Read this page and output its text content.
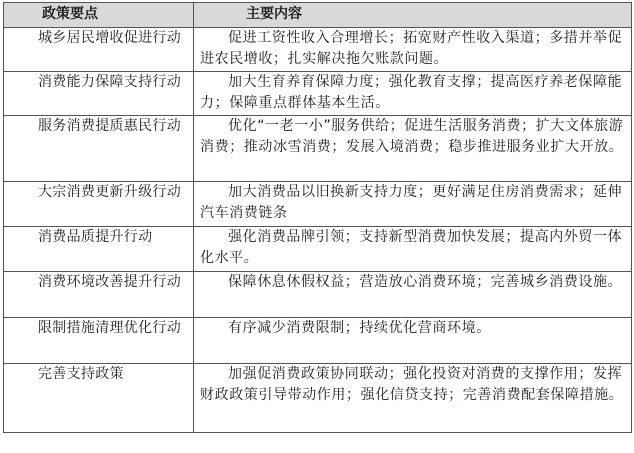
政策要点	主要内容
城乡居民增收促进行动	促进工资性收入合理增长；拓宽财产性收入渠道；多措并举促进农民增收；扎实解决拖欠账款问题。
消费能力保障支持行动	加大生育养育保障力度；强化教育支撑；提高医疗养老保障能力；保障重点群体基本生活。
服务消费提质惠民行动	优化“一老一小”服务供给；促进生活服务消费；扩大文体旅游消费；推动冰雪消费；发展入境消费；稳步推进服务业扩大开放。
大宗消费更新升级行动	加大消费品以旧换新支持力度；更好满足住房消费需求；延伸汽车消费链条
消费品质提升行动	强化消费品牌引领；支持新型消费加快发展；提高内外贸一体化水平。
消费环境改善提升行动	保障休息休假权益；营造放心消费环境；完善城乡消费设施。
限制措施清理优化行动	有序减少消费限制；持续优化营商环境。
完善支持政策	加强促消费政策协同联动；强化投资对消费的支撑作用；发挥财政政策引导带动作用；强化信贷支持；完善消费配套保障措施。
